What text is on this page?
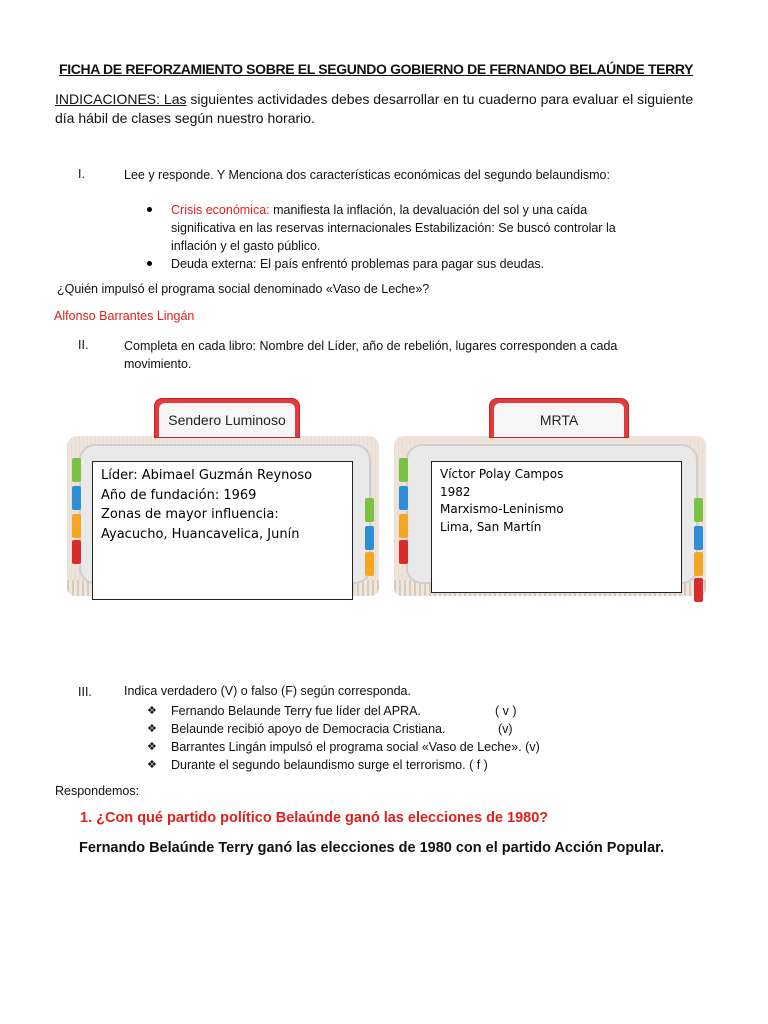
FICHA DE REFORZAMIENTO SOBRE EL SEGUNDO GOBIERNO DE FERNANDO BELAÚNDE TERRY
INDICACIONES: Las siguientes actividades debes desarrollar en tu cuaderno para evaluar el siguiente día hábil de clases según nuestro horario.
I.	Lee y responde. Y Menciona dos características económicas del segundo belaundismo:
Crisis económica: manifiesta la inflación, la devaluación del sol y una caída significativa en las reservas internacionales Estabilización: Se buscó controlar la inflación y el gasto público.
Deuda externa: El país enfrentó problemas para pagar sus deudas.
¿Quién impulsó el programa social denominado «Vaso de Leche»?
Alfonso Barrantes Lingán
II.	Completa en cada libro: Nombre del Líder, año de rebelión, lugares corresponden a cada movimiento.
Sendero Luminoso
Líder: Abimael Guzmán Reynoso
Año de fundación: 1969
Zonas de mayor influencia: Ayacucho, Huancavelica, Junín
MRTA
Víctor Polay Campos
1982
Marxismo-Leninismo
Lima, San Martín
III.	Indica verdadero (V) o falso (F) según corresponda.
❖ Fernando Belaunde Terry fue líder del APRA.	( v )
❖ Belaunde recibió apoyo de Democracia Cristiana.	(v)
❖ Barrantes Lingán impulsó el programa social «Vaso de Leche». (v)
❖ Durante el segundo belaundismo surge el terrorismo. ( f )
Respondemos:
1. ¿Con qué partido político Belaúnde ganó las elecciones de 1980?
Fernando Belaúnde Terry ganó las elecciones de 1980 con el partido Acción Popular.
